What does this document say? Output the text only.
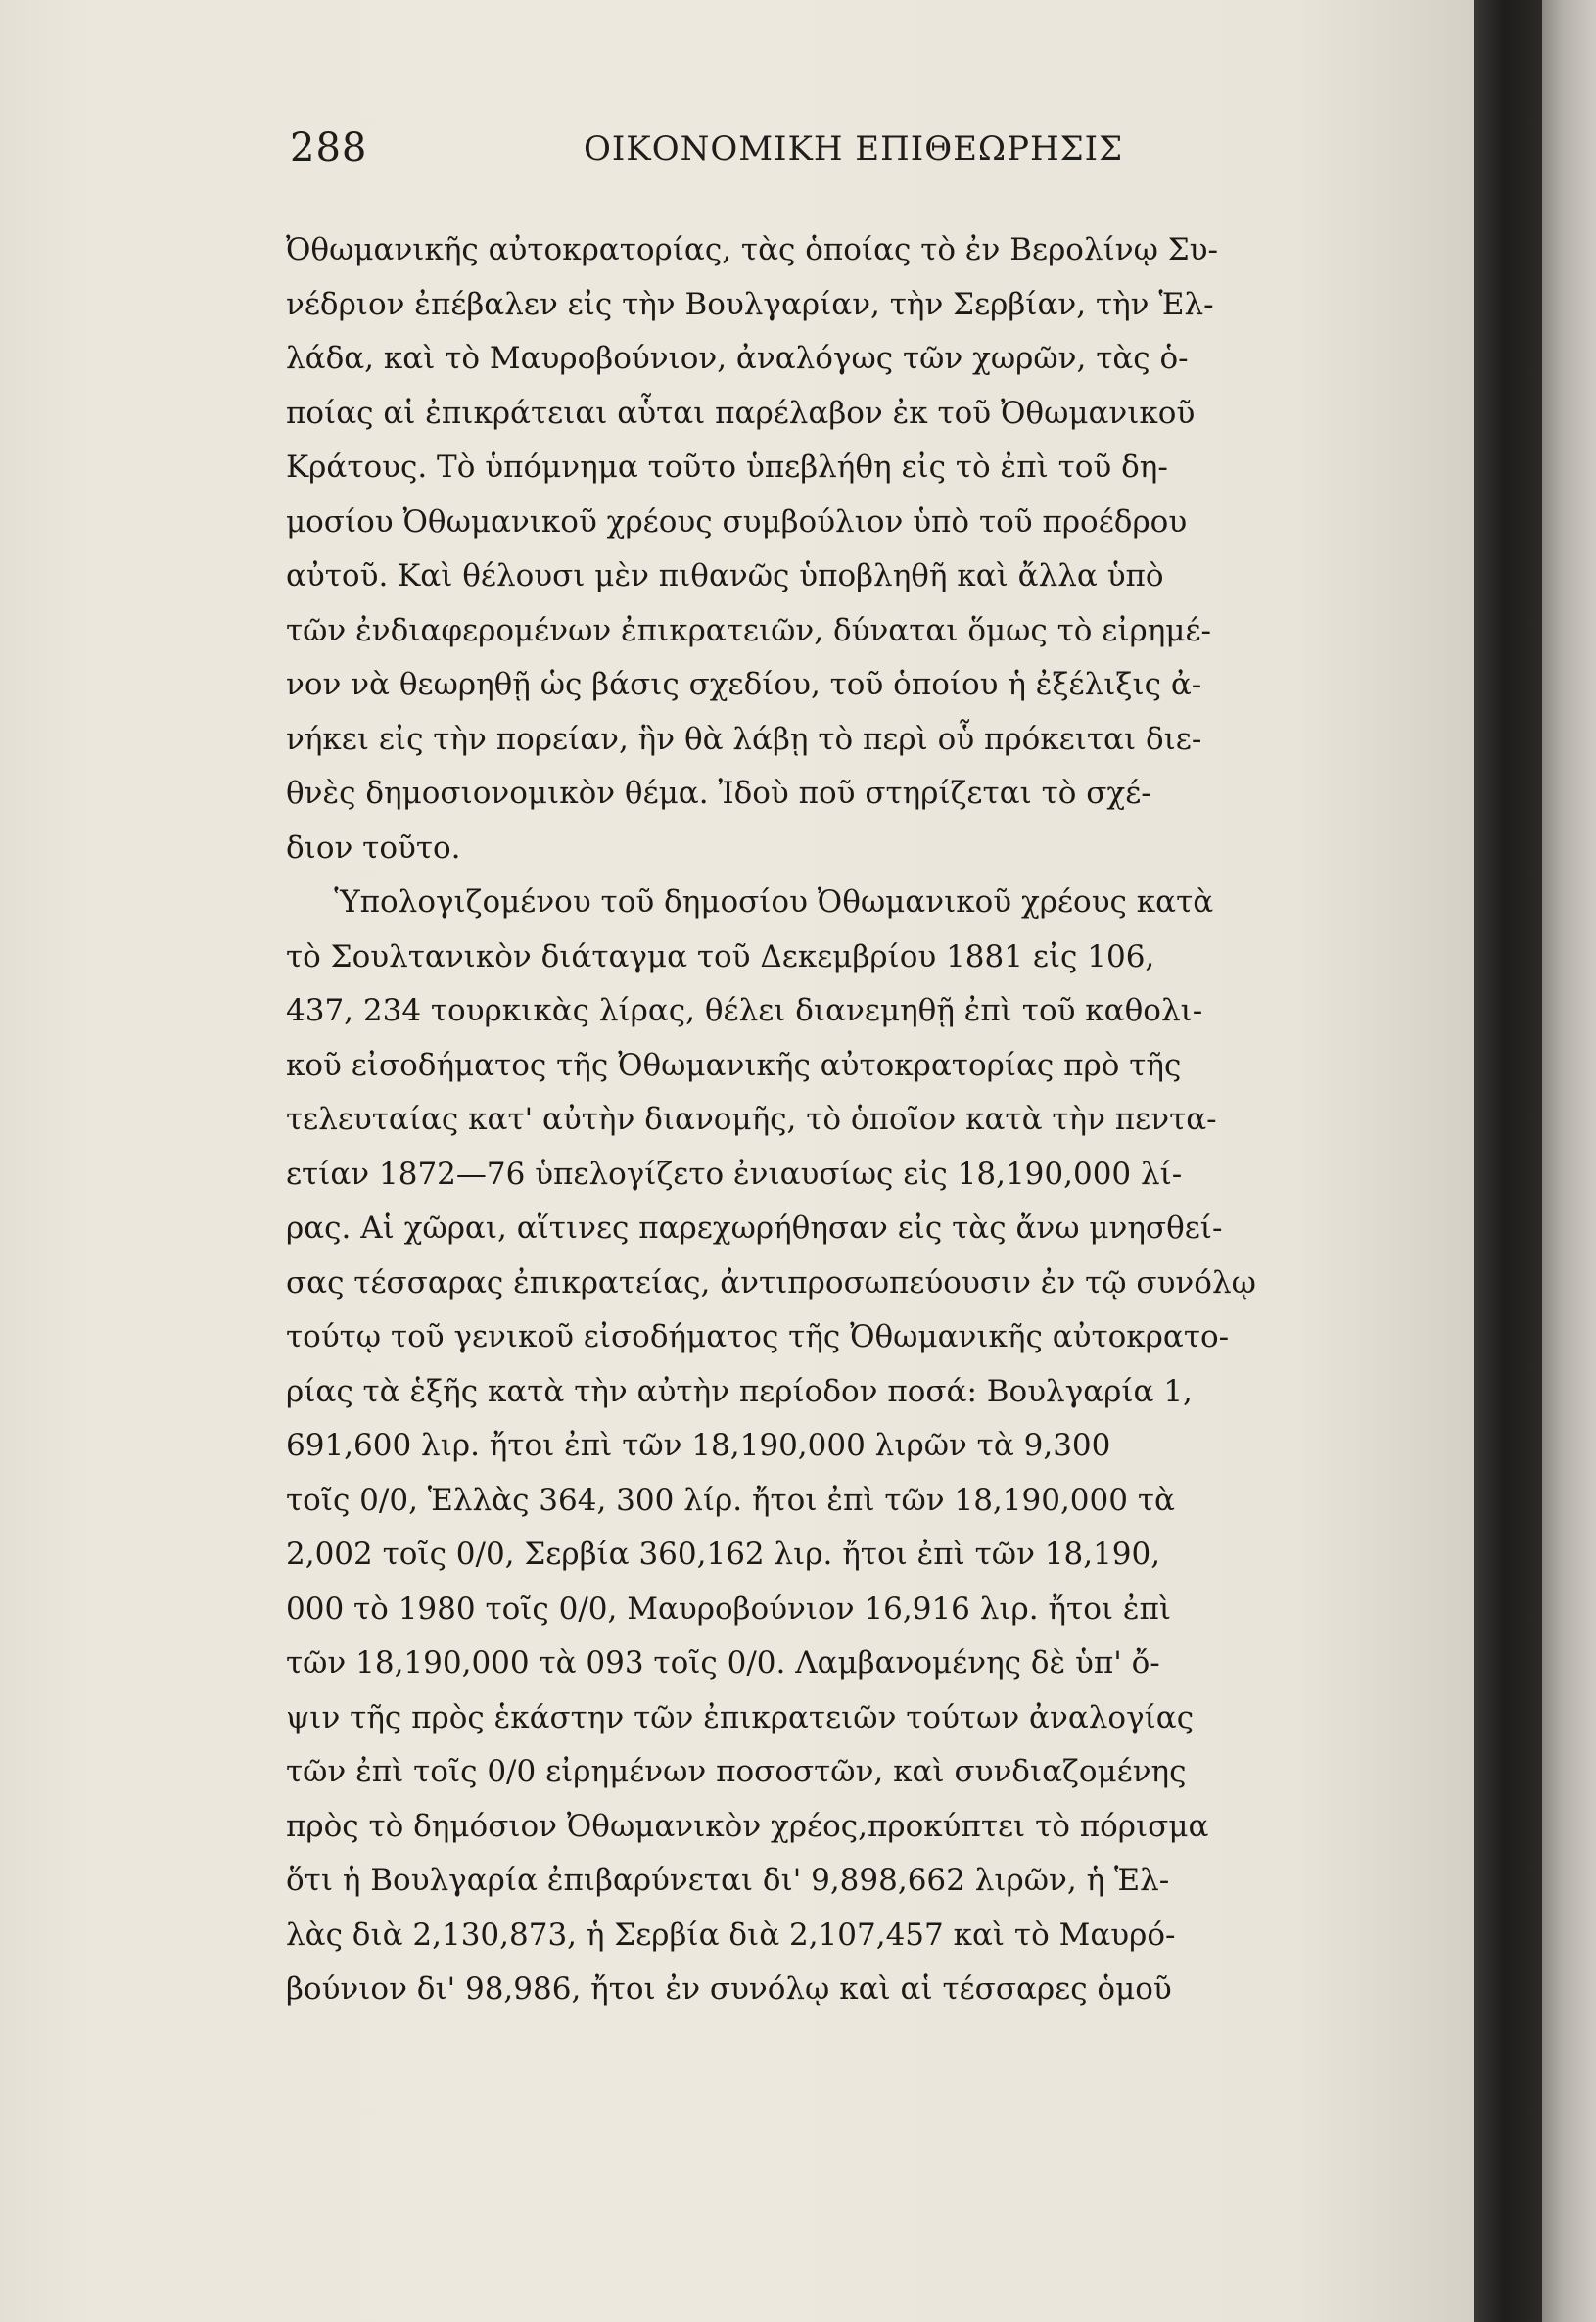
288	ΟΙΚΟΝΟΜΙΚΗ ΕΠΙΘΕΩΡΗΣΙΣ
Ὀθωμανικῆς αὐτοκρατορίας, τὰς ὁποίας τὸ ἐν Βερολίνῳ Συ-
νέδριον ἐπέβαλεν εἰς τὴν Βουλγαρίαν, τὴν Σερβίαν, τὴν Ἑλ-
λάδα, καὶ τὸ Μαυροβούνιον, ἀναλόγως τῶν χωρῶν, τὰς ὁ-
ποίας αἱ ἐπικράτειαι αὗται παρέλαβον ἐκ τοῦ Ὀθωμανικοῦ
Κράτους. Τὸ ὑπόμνημα τοῦτο ὑπεβλήθη εἰς τὸ ἐπὶ τοῦ δη-
μοσίου Ὀθωμανικοῦ χρέους συμβούλιον ὑπὸ τοῦ προέδρου
αὐτοῦ. Καὶ θέλουσι μὲν πιθανῶς ὑποβληθῆ καὶ ἄλλα ὑπὸ
τῶν ἐνδιαφερομένων ἐπικρατειῶν, δύναται ὅμως τὸ εἰρημέ-
νον νὰ θεωρηθῇ ὡς βάσις σχεδίου, τοῦ ὁποίου ἡ ἐξέλιξις ἀ-
νήκει εἰς τὴν πορείαν, ἣν θὰ λάβῃ τὸ περὶ οὗ πρόκειται διε-
θνὲς δημοσιονομικὸν θέμα. Ἰδοὺ ποῦ στηρίζεται τὸ σχέ-
διον τοῦτο.
Ὑπολογιζομένου τοῦ δημοσίου Ὀθωμανικοῦ χρέους κατὰ
τὸ Σουλτανικὸν διάταγμα τοῦ Δεκεμβρίου 1881 εἰς 106,
437, 234 τουρκικὰς λίρας, θέλει διανεμηθῇ ἐπὶ τοῦ καθολι-
κοῦ εἰσοδήματος τῆς Ὀθωμανικῆς αὐτοκρατορίας πρὸ τῆς
τελευταίας κατ' αὐτὴν διανομῆς, τὸ ὁποῖον κατὰ τὴν πεντα-
ετίαν 1872—76 ὑπελογίζετο ἐνιαυσίως εἰς 18,190,000 λί-
ρας. Αἱ χῶραι, αἵτινες παρεχωρήθησαν εἰς τὰς ἄνω μνησθεί-
σας τέσσαρας ἐπικρατείας, ἀντιπροσωπεύουσιν ἐν τῷ συνόλῳ
τούτῳ τοῦ γενικοῦ εἰσοδήματος τῆς Ὀθωμανικῆς αὐτοκρατο-
ρίας τὰ ἑξῆς κατὰ τὴν αὐτὴν περίοδον ποσά: Βουλγαρία 1,
691,600 λιρ. ἤτοι ἐπὶ τῶν 18,190,000 λιρῶν τὰ 9,300
τοῖς 0/0, Ἑλλὰς 364, 300 λίρ. ἤτοι ἐπὶ τῶν 18,190,000 τὰ
2,002 τοῖς 0/0, Σερβία 360,162 λιρ. ἤτοι ἐπὶ τῶν 18,190,
000 τὸ 1980 τοῖς 0/0, Μαυροβούνιον 16,916 λιρ. ἤτοι ἐπὶ
τῶν 18,190,000 τὰ 093 τοῖς 0/0. Λαμβανομένης δὲ ὑπ' ὄ-
ψιν τῆς πρὸς ἑκάστην τῶν ἐπικρατειῶν τούτων ἀναλογίας
τῶν ἐπὶ τοῖς 0/0 εἰρημένων ποσοστῶν, καὶ συνδιαζομένης
πρὸς τὸ δημόσιον Ὀθωμανικὸν χρέος,προκύπτει τὸ πόρισμα
ὅτι ἡ Βουλγαρία ἐπιβαρύνεται δι' 9,898,662 λιρῶν, ἡ Ἑλ-
λὰς διὰ 2,130,873, ἡ Σερβία διὰ 2,107,457 καὶ τὸ Μαυρό-
βούνιον δι' 98,986, ἤτοι ἐν συνόλῳ καὶ αἱ τέσσαρες ὁμοῦ
